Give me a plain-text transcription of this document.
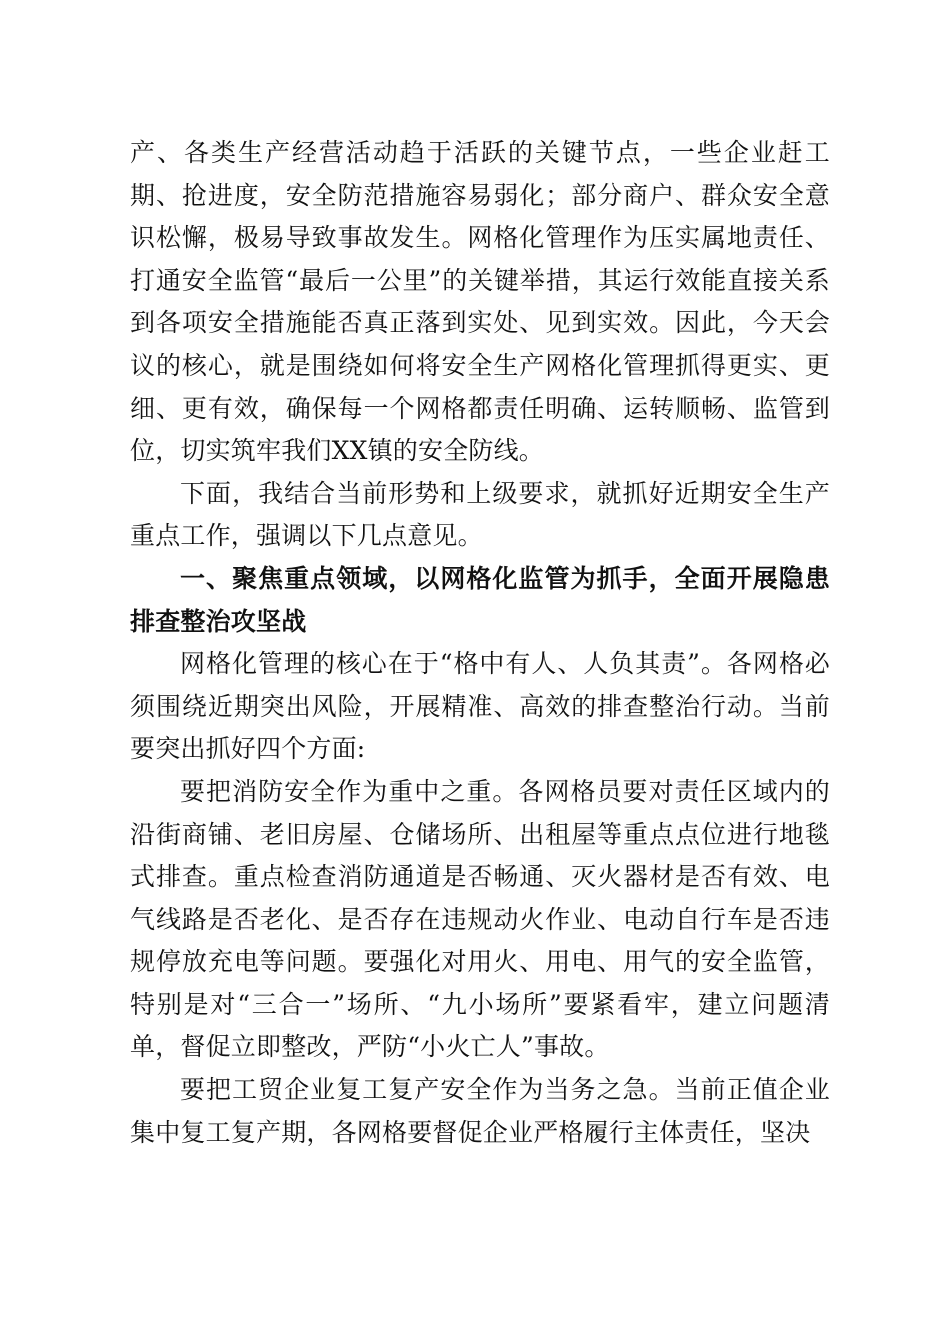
产、各类生产经营活动趋于活跃的关键节点，一些企业赶工期、抢进度，安全防范措施容易弱化；部分商户、群众安全意识松懈，极易导致事故发生。网格化管理作为压实属地责任、打通安全监管“最后一公里”的关键举措，其运行效能直接关系到各项安全措施能否真正落到实处、见到实效。因此，今天会议的核心，就是围绕如何将安全生产网格化管理抓得更实、更细、更有效，确保每一个网格都责任明确、运转顺畅、监管到位，切实筑牢我们XX镇的安全防线。

下面，我结合当前形势和上级要求，就抓好近期安全生产重点工作，强调以下几点意见。

一、聚焦重点领域，以网格化监管为抓手，全面开展隐患排查整治攻坚战

网格化管理的核心在于“格中有人、人负其责”。各网格必须围绕近期突出风险，开展精准、高效的排查整治行动。当前要突出抓好四个方面:

要把消防安全作为重中之重。各网格员要对责任区域内的沿街商铺、老旧房屋、仓储场所、出租屋等重点点位进行地毯式排查。重点检查消防通道是否畅通、灭火器材是否有效、电气线路是否老化、是否存在违规动火作业、电动自行车是否违规停放充电等问题。要强化对用火、用电、用气的安全监管，特别是对“三合一”场所、“九小场所”要紧看牢，建立问题清单，督促立即整改，严防“小火亡人”事故。

要把工贸企业复工复产安全作为当务之急。当前正值企业集中复工复产期，各网格要督促企业严格履行主体责任，坚决
